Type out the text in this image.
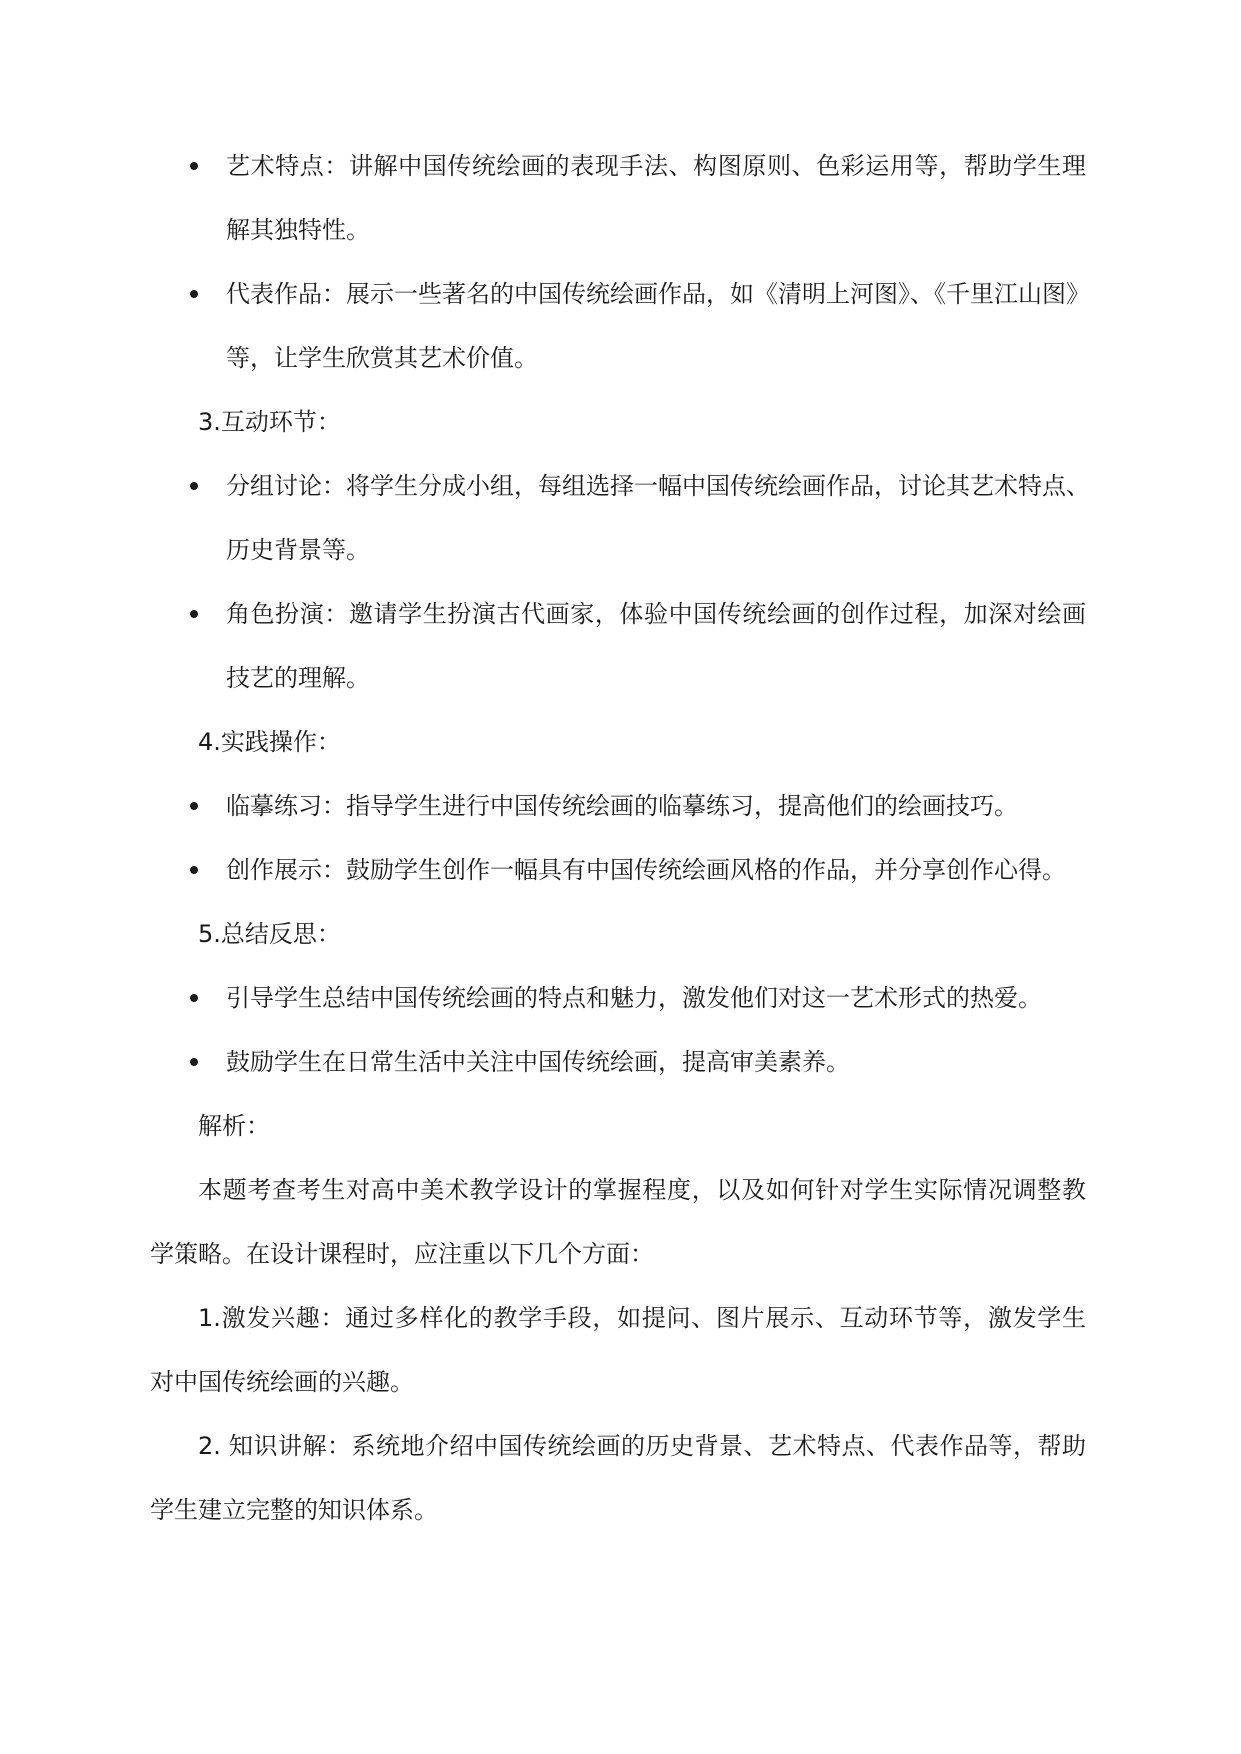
艺术特点：讲解中国传统绘画的表现手法、构图原则、色彩运用等，帮助学生理
解其独特性。
代表作品：展示一些著名的中国传统绘画作品，如《清明上河图》、《千里江山图》
等，让学生欣赏其艺术价值。
3.互动环节：
分组讨论：将学生分成小组，每组选择一幅中国传统绘画作品，讨论其艺术特点、
历史背景等。
角色扮演：邀请学生扮演古代画家，体验中国传统绘画的创作过程，加深对绘画
技艺的理解。
4.实践操作：
临摹练习：指导学生进行中国传统绘画的临摹练习，提高他们的绘画技巧。
创作展示：鼓励学生创作一幅具有中国传统绘画风格的作品，并分享创作心得。
5.总结反思：
引导学生总结中国传统绘画的特点和魅力，激发他们对这一艺术形式的热爱。
鼓励学生在日常生活中关注中国传统绘画，提高审美素养。
解析：
本题考查考生对高中美术教学设计的掌握程度，以及如何针对学生实际情况调整教
学策略。在设计课程时，应注重以下几个方面：
1.激发兴趣：通过多样化的教学手段，如提问、图片展示、互动环节等，激发学生
对中国传统绘画的兴趣。
2. 知识讲解：系统地介绍中国传统绘画的历史背景、艺术特点、代表作品等，帮助
学生建立完整的知识体系。
